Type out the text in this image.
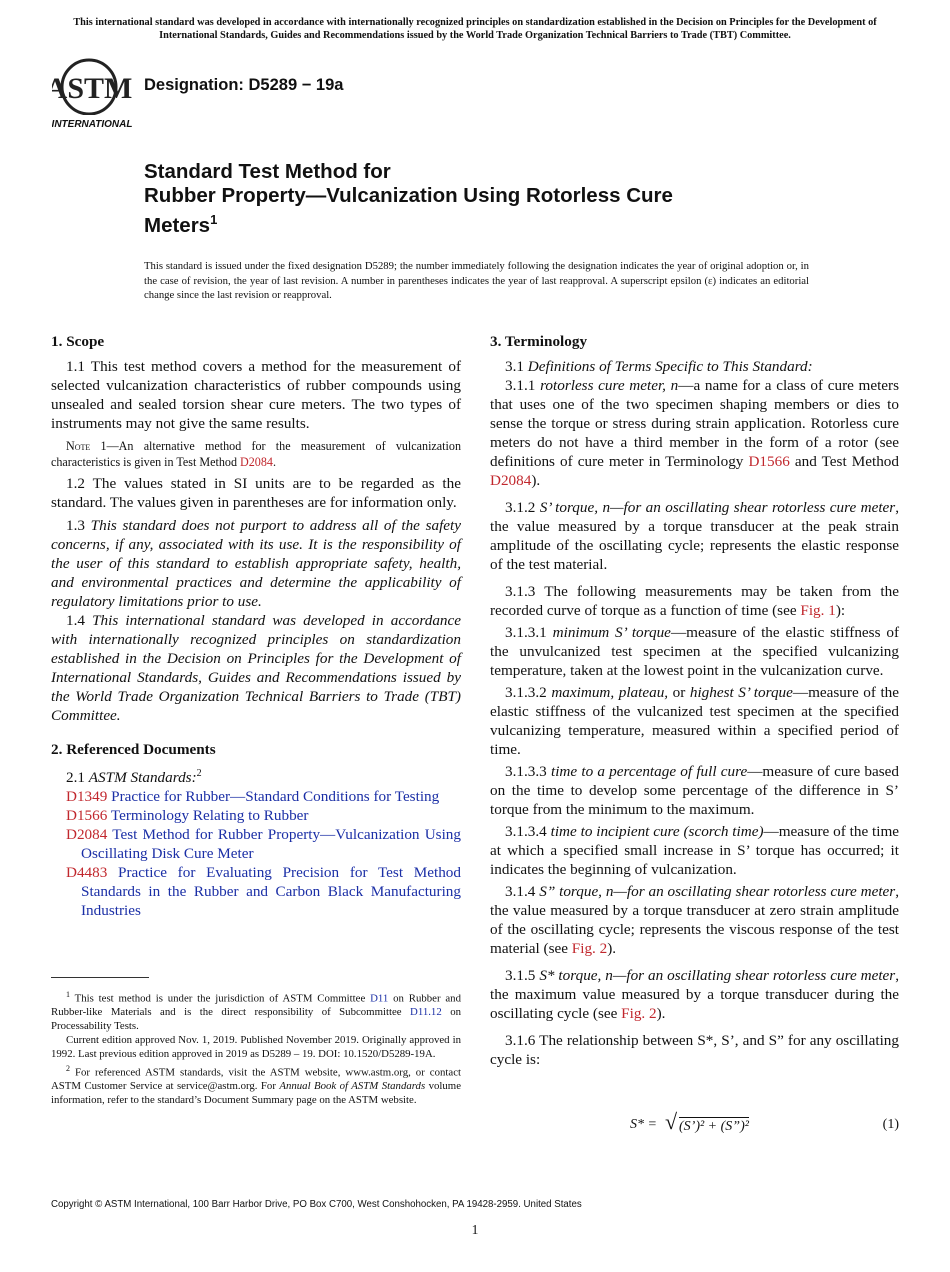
This international standard was developed in accordance with internationally recognized principles on standardization established in the Decision on Principles for the Development of International Standards, Guides and Recommendations issued by the World Trade Organization Technical Barriers to Trade (TBT) Committee.
ASTM
INTERNATIONAL
Designation: D5289 − 19a
Standard Test Method for
Rubber Property—Vulcanization Using Rotorless Cure
Meters$^1$
This standard is issued under the fixed designation D5289; the number immediately following the designation indicates the year of original adoption or, in the case of revision, the year of last revision. A number in parentheses indicates the year of last reapproval. A superscript epsilon (ε) indicates an editorial change since the last revision or reapproval.
1. Scope
1.1 This test method covers a method for the measurement of selected vulcanization characteristics of rubber compounds using unsealed and sealed torsion shear cure meters. The two types of instruments may not give the same results.
Note 1—An alternative method for the measurement of vulcanization characteristics is given in Test Method D2084.
1.2 The values stated in SI units are to be regarded as the standard. The values given in parentheses are for information only.
1.3 This standard does not purport to address all of the safety concerns, if any, associated with its use. It is the responsibility of the user of this standard to establish appropriate safety, health, and environmental practices and determine the applicability of regulatory limitations prior to use.
1.4 This international standard was developed in accordance with internationally recognized principles on standardization established in the Decision on Principles for the Development of International Standards, Guides and Recommendations issued by the World Trade Organization Technical Barriers to Trade (TBT) Committee.
2. Referenced Documents
2.1 ASTM Standards:$^2$
D1349 Practice for Rubber—Standard Conditions for Testing
D1566 Terminology Relating to Rubber
D2084 Test Method for Rubber Property—Vulcanization Using Oscillating Disk Cure Meter
D4483 Practice for Evaluating Precision for Test Method Standards in the Rubber and Carbon Black Manufacturing Industries

$^1$ This test method is under the jurisdiction of ASTM Committee D11 on Rubber and Rubber-like Materials and is the direct responsibility of Subcommittee D11.12 on Processability Tests.

Current edition approved Nov. 1, 2019. Published November 2019. Originally approved in 1992. Last previous edition approved in 2019 as D5289 – 19. DOI: 10.1520/D5289-19A.

$^2$ For referenced ASTM standards, visit the ASTM website, www.astm.org, or contact ASTM Customer Service at service@astm.org. For Annual Book of ASTM Standards volume information, refer to the standard’s Document Summary page on the ASTM website.

3. Terminology
3.1 Definitions of Terms Specific to This Standard:
3.1.1 rotorless cure meter, n—a name for a class of cure meters that uses one of the two specimen shaping members or dies to sense the torque or stress during strain application. Rotorless cure meters do not have a third member in the form of a rotor (see definitions of cure meter in Terminology D1566 and Test Method D2084).
3.1.2 S’ torque, n—for an oscillating shear rotorless cure meter, the value measured by a torque transducer at the peak strain amplitude of the oscillating cycle; represents the elastic response of the test material.
3.1.3 The following measurements may be taken from the recorded curve of torque as a function of time (see Fig. 1):
3.1.3.1 minimum S’ torque—measure of the elastic stiffness of the unvulcanized test specimen at the specified vulcanizing temperature, taken at the lowest point in the vulcanization curve.
3.1.3.2 maximum, plateau, or highest S’ torque—measure of the elastic stiffness of the vulcanized test specimen at the specified vulcanizing temperature, measured within a specified period of time.
3.1.3.3 time to a percentage of full cure—measure of cure based on the time to develop some percentage of the difference in S’ torque from the minimum to the maximum.
3.1.3.4 time to incipient cure (scorch time)—measure of the time at which a specified small increase in S’ torque has occurred; it indicates the beginning of vulcanization.
3.1.4 S” torque, n—for an oscillating shear rotorless cure meter, the value measured by a torque transducer at zero strain amplitude of the oscillating cycle; represents the viscous response of the test material (see Fig. 2).
3.1.5 S* torque, n—for an oscillating shear rotorless cure meter, the maximum value measured by a torque transducer during the oscillating cycle (see Fig. 2).
3.1.6 The relationship between S*, S’, and S” for any oscillating cycle is:
S* = √ (S’)² + (S”)²	(1)
Copyright © ASTM International, 100 Barr Harbor Drive, PO Box C700, West Conshohocken, PA 19428-2959. United States
1
